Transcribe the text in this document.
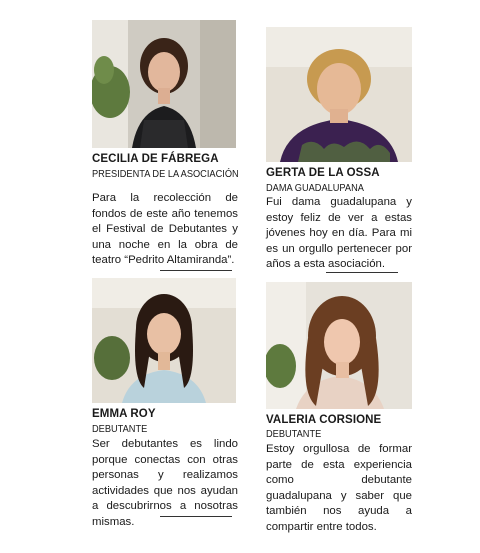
CECILIA DE FÁBREGA
PRESIDENTA DE LA ASOCIACIÓN
Para la recolección de fondos de este año tenemos el Festival de Debutantes y una noche en la obra de teatro “Pedrito Altamiranda”.
GERTA DE LA OSSA
DAMA GUADALUPANA
Fui dama guadalupana y estoy feliz de ver a estas jóvenes hoy en día. Para mi es un orgullo pertenecer por años a esta asociación.
EMMA ROY
DEBUTANTE
Ser debutantes es lindo porque conectas con otras personas y realizamos actividades que nos ayudan a descubrirnos a nosotras mismas.
VALERIA CORSIONE
DEBUTANTE
Estoy orgullosa de formar parte de esta experiencia como debutante guadalupana y saber que también nos ayuda a compartir entre todos.
